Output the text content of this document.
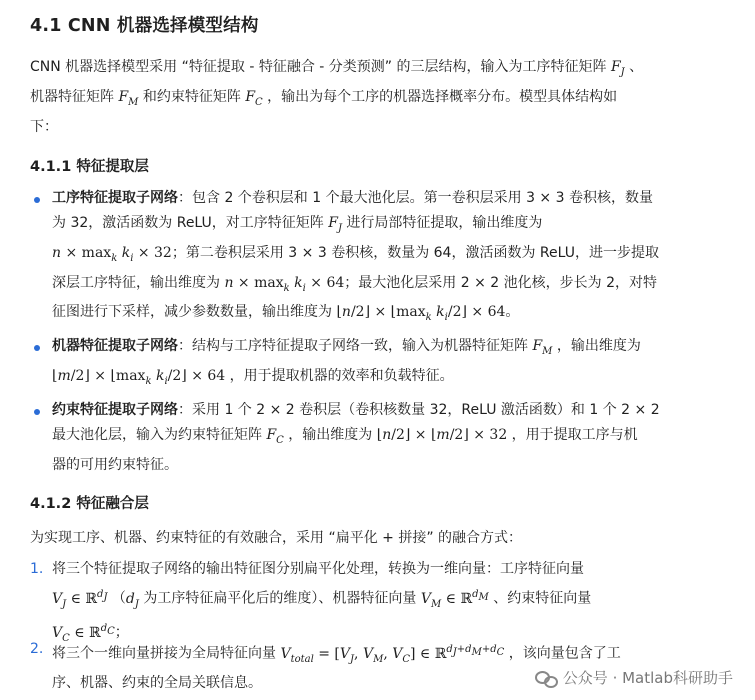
4.1 CNN 机器选择模型结构
CNN 机器选择模型采用 “特征提取 - 特征融合 - 分类预测” 的三层结构，输入为工序特征矩阵 $F_J$ 、
机器特征矩阵 $F_M$ 和约束特征矩阵 $F_C$ ，输出为每个工序的机器选择概率分布。模型具体结构如
下：
4.1.1 特征提取层
工序特征提取子网络：包含 2 个卷积层和 1 个最大池化层。第一卷积层采用 3 × 3 卷积核，数量
为 32，激活函数为 ReLU，对工序特征矩阵 $F_J$ 进行局部特征提取，输出维度为
$n \times \max_k k_i \times 32$；第二卷积层采用 3 × 3 卷积核，数量为 64，激活函数为 ReLU，进一步提取
深层工序特征，输出维度为 $n \times \max_k k_i \times 64$；最大池化层采用 2 × 2 池化核，步长为 2，对特
征图进行下采样，减少参数数量，输出维度为 ⌊n/2⌋ × $⌊\max_k$ $k_i/2⌋ \times 64$。
机器特征提取子网络：结构与工序特征提取子网络一致，输入为机器特征矩阵 $F_M$ ，输出维度为
⌊m/2⌋ × $⌊\max_k$ $k_i/2⌋ \times 64$ ，用于提取机器的效率和负载特征。
约束特征提取子网络：采用 1 个 2 × 2 卷积层（卷积核数量 32，ReLU 激活函数）和 1 个 2 × 2
最大池化层，输入为约束特征矩阵 $F_C$ ，输出维度为 ⌊n/2⌋ × ⌊m/2⌋ × 32 ，用于提取工序与机
器的可用约束特征。
4.1.2 特征融合层
为实现工序、机器、约束特征的有效融合，采用 “扁平化 + 拼接” 的融合方式：
1. 将三个特征提取子网络的输出特征图分别扁平化处理，转换为一维向量：工序特征向量
$V_J$ ∈ ℝ$^{d_J}$ （$d_J$ 为工序特征扁平化后的维度）、机器特征向量 $V_M$ ∈ ℝ$^{d_M}$ 、约束特征向量
$V_C$ ∈ ℝ$^{d_C}$；
2. 将三个一维向量拼接为全局特征向量 $V_{total} = [V_J$, $V_M$, $V_C$] ∈ ℝ$^{d_J+d_M+d_C}$ ，该向量包含了工
序、机器、约束的全局关联信息。	公众号 · Matlab科研助手
